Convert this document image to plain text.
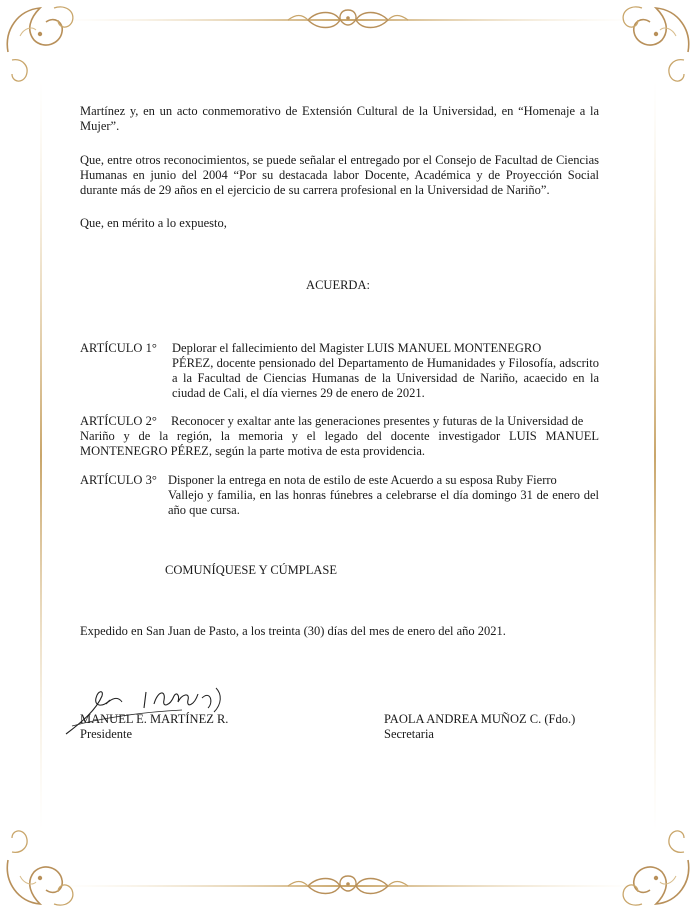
Martínez y, en un acto conmemorativo de Extensión Cultural de la Universidad, en “Homenaje a la Mujer”.
Que, entre otros reconocimientos, se puede señalar el entregado por el Consejo de Facultad de Ciencias Humanas en junio del 2004 “Por su destacada labor Docente, Académica y de Proyección Social durante más de 29 años en el ejercicio de su carrera profesional en la Universidad de Nariño”.
Que, en mérito a lo expuesto,
ACUERDA:
ARTÍCULO 1° Deplorar el fallecimiento del Magister LUIS MANUEL MONTENEGRO
PÉREZ, docente pensionado del Departamento de Humanidades y Filosofía, adscrito a la Facultad de Ciencias Humanas de la Universidad de Nariño, acaecido en la ciudad de Cali, el día viernes 29 de enero de 2021.
ARTÍCULO 2° Reconocer y exaltar ante las generaciones presentes y futuras de la Universidad de
Nariño y de la región, la memoria y el legado del docente investigador LUIS MANUEL MONTENEGRO PÉREZ, según la parte motiva de esta providencia.
ARTÍCULO 3° Disponer la entrega en nota de estilo de este Acuerdo a su esposa Ruby Fierro
Vallejo y familia, en las honras fúnebres a celebrarse el día domingo 31 de enero del año que cursa.
COMUNÍQUESE Y CÚMPLASE
Expedido en San Juan de Pasto, a los treinta (30) días del mes de enero del año 2021.
MANUEL E. MARTÍNEZ R.
Presidente
PAOLA ANDREA MUÑOZ C. (Fdo.)
Secretaria
